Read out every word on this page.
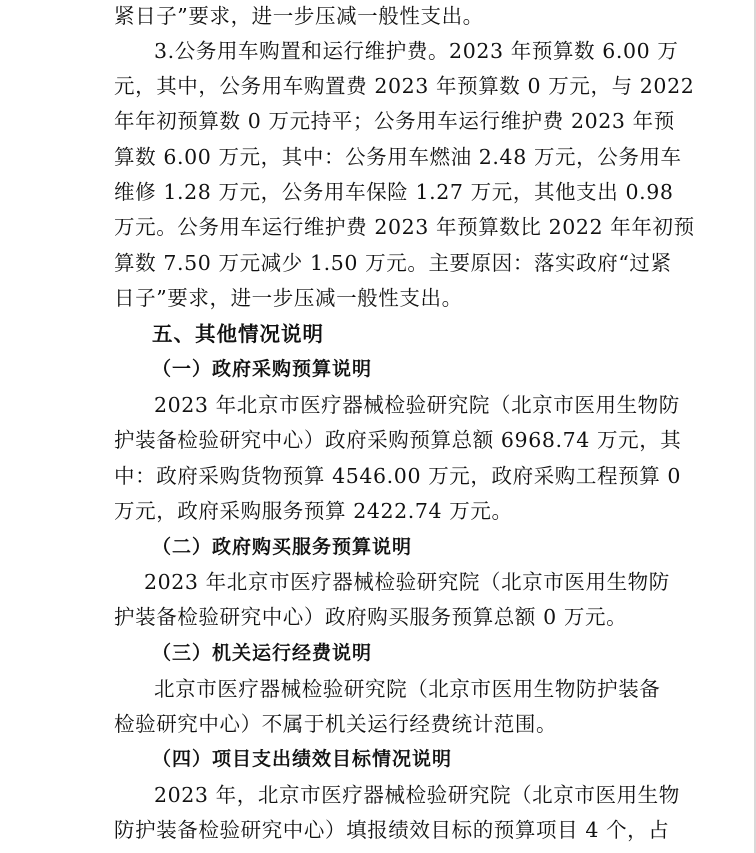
紧日子”要求，进一步压减一般性支出。
3.公务用车购置和运行维护费。2023 年预算数 6.00 万
元，其中，公务用车购置费 2023 年预算数 0 万元，与 2022
年年初预算数 0 万元持平；公务用车运行维护费 2023 年预
算数 6.00 万元，其中：公务用车燃油 2.48 万元，公务用车
维修 1.28 万元，公务用车保险 1.27 万元，其他支出 0.98
万元。公务用车运行维护费 2023 年预算数比 2022 年年初预
算数 7.50 万元减少 1.50 万元。主要原因：落实政府“过紧
日子”要求，进一步压减一般性支出。
五、其他情况说明
（一）政府采购预算说明
2023 年北京市医疗器械检验研究院（北京市医用生物防
护装备检验研究中心）政府采购预算总额 6968.74 万元，其
中：政府采购货物预算 4546.00 万元，政府采购工程预算 0
万元，政府采购服务预算 2422.74 万元。
（二）政府购买服务预算说明
2023 年北京市医疗器械检验研究院（北京市医用生物防
护装备检验研究中心）政府购买服务预算总额 0 万元。
（三）机关运行经费说明
北京市医疗器械检验研究院（北京市医用生物防护装备
检验研究中心）不属于机关运行经费统计范围。
（四）项目支出绩效目标情况说明
2023 年，北京市医疗器械检验研究院（北京市医用生物
防护装备检验研究中心）填报绩效目标的预算项目 4 个，占
